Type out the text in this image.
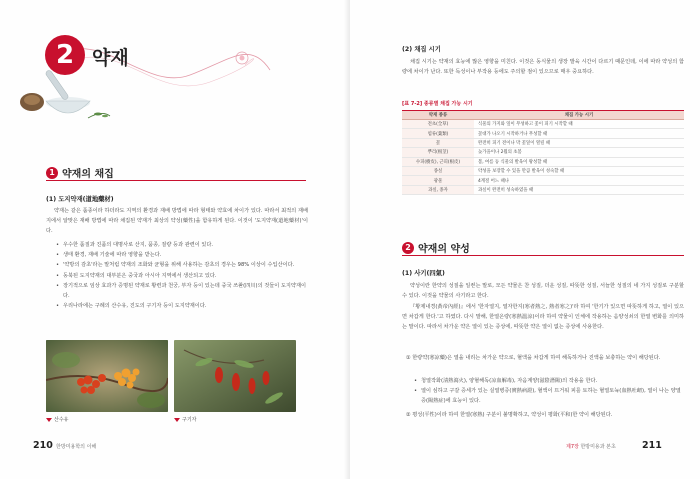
2 약재
1 약재의 채집
(1) 도지약재(道地藥材)
약재는 같은 품종이라 하더라도 지역의 환경과 재배 방법에 따라 형태와 약효에 차이가 있다. 따라서 최적의 재배지에서 알맞은 재배 방법에 따라 채집된 약재가 최상의 약성(藥性)을 함유하게 된다. 이것이 '도지약재(道地藥材)'이다.
• 우수한 품질과 진품의 대명사로 산지, 품종, 질량 등과 관련이 있다.
• 생태 환경, 재배 기술에 따라 영향을 받는다.
• '약방의 감초'라는 말처럼 약재의 조화와 균형을 위해 사용하는 감초의 경우는 98% 이상이 수입산이다.
• 동북된 도지약재의 대부분은 중국과 아시아 지역에서 생산되고 있다.
• 장기적으로 임상 효과가 증명된 약재로 황련과 천궁, 부자 등이 있는데 중국 쓰촨(四川)의 것들이 도지약재이다.
• 우리나라에는 구례의 산수유, 진도의 구기자 등이 도지약재이다.
산수유	구기자
210 한방미용학의 이해
(2) 채집 시기
채집 시기는 약재의 효능에 많은 영향을 미친다. 이것은 동식물의 생장 발육 시간이 다르기 때문인데, 이에 따라 약성의 함량에 차이가 난다. 또한 독성이나 부작용 등에도 주의할 점이 있으므로 매우 중요하다.
[표 7-2] 종류별 채집 가능 시기
약재 종류	채집 가능 시기
전초(全草)	식물의 가지와 잎이 무성하고 꽃이 피기 시작할 때
엽류(葉類)	꽃대가 나오기 시작하거나 무성할 때
꽃	완전히 피기 전이나 막 꽃잎이 열릴 때
뿌리(根莖)	늦가을이나 2월의 초봄
수피(樹皮), 근피(根皮)	봄, 여름 등 식물의 발육이 왕성할 때
종실	약성을 보장할 수 있을 만큼 발육이 성숙할 때
광물	4계절 어느 때나
과실, 종자	과실이 완전히 성숙하였을 때
2 약재의 약성
(1) 사기(四氣)
약성이란 한약의 성질을 일컫는 말로, 모든 약물은 찬 성질, 더운 성질, 따뜻한 성질, 서늘한 성질의 네 가지 성질로 구분할 수 있다. 이것을 약물의 사기라고 한다.
『황제내경(黃帝內經)』에서 '한자열지, 열자한지(寒者熱之, 熱者寒之)'라 하여 '한기가 있으면 따뜻하게 하고, 열이 있으면 차갑게 한다.'고 하였다. 다시 말해, 한열온량(寒熱溫涼)이라 하여 약물이 인체에 작용하는 음양성쇠의 한열 변화를 의미하는 말이다. 따라서 차가운 약은 열이 있는 증상에, 따뜻한 약은 열이 없는 증상에 사용한다.
① 한량약(寒凉藥)은 열을 내리는 차가운 약으로, 혈액을 차갑게 하여 해독하거나 진액을 보충하는 약이 해당된다.
• 청열작화(淸熱瀉火), 양혈해독(凉血解毒), 자음계양(滋陰潛陽)의 작용을 한다.
• 열이 심하고 구갈 증세가 있는 실열병증(實熱病證), 혈액이 뜨거워 피를 토하는 혈열토뉵(血熱吐衄), 열이 나는 양열증(陽熱症)에 효능이 있다.
② 평성(平性)이라 하여 한열(寒熱) 구분이 불명확하고, 약성이 평화(平和)한 약이 해당된다.
제7장 한방미용과 본초	211
